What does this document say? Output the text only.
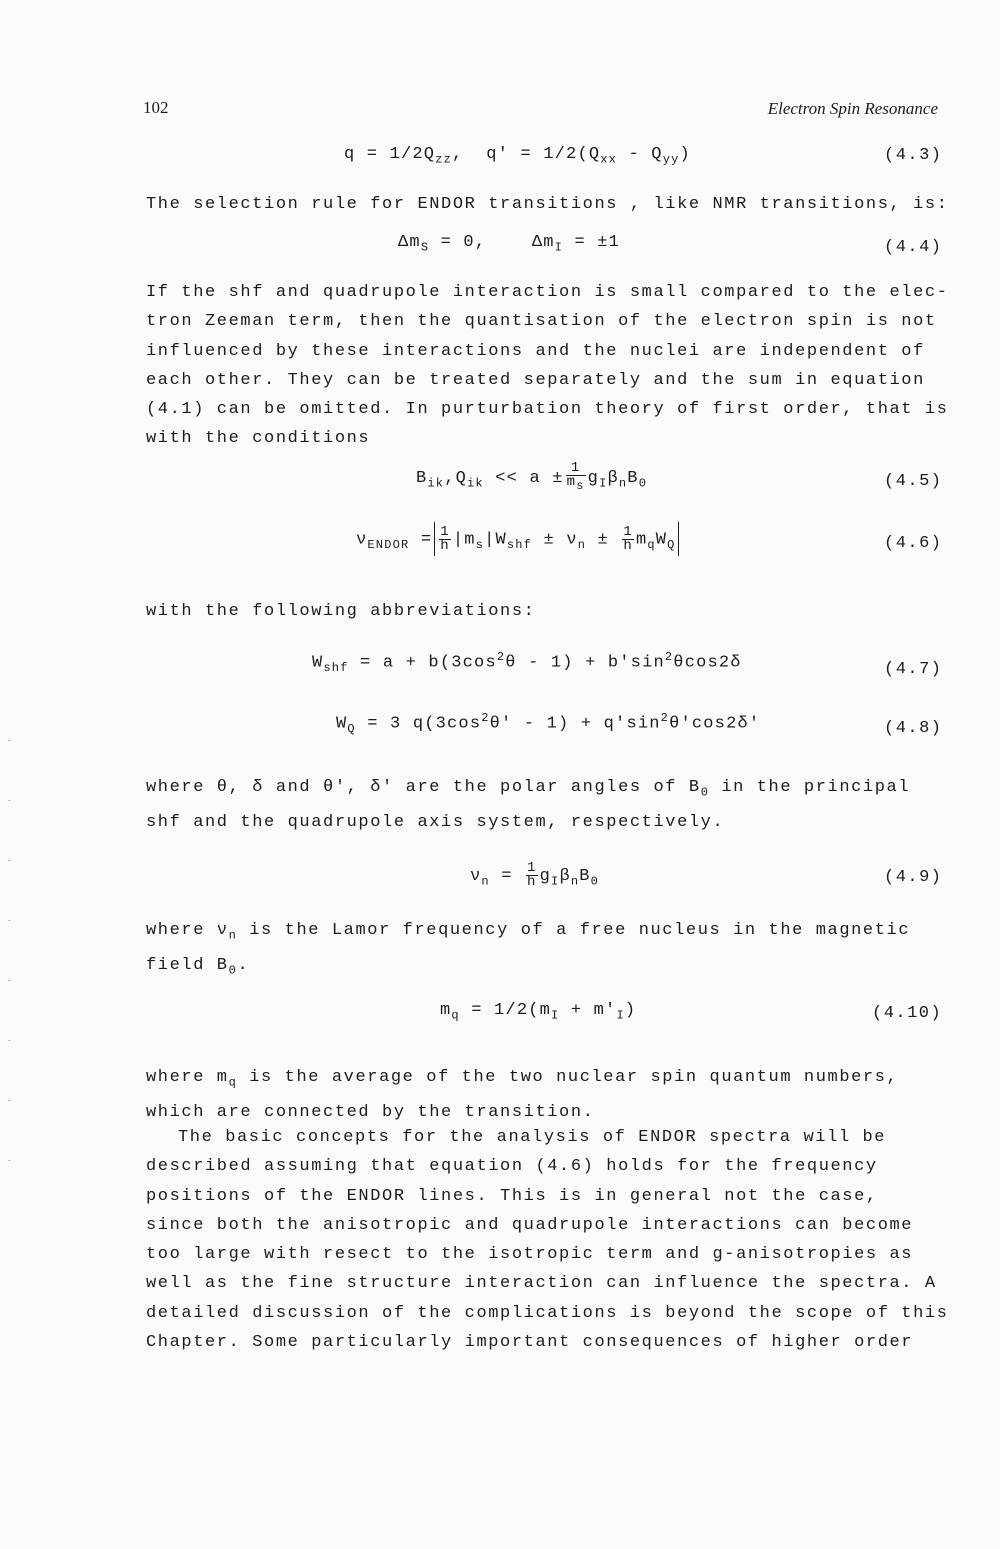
102	Electron Spin Resonance
$q = 1/2Q_{zz}$,  $q' = 1/2(Q_{xx} - Q_{yy})$	(4.3)
The selection rule for ENDOR transitions , like NMR transitions, is:
$\Delta m_S = 0$,    $\Delta m_I = \pm 1$	(4.4)
If the shf and quadrupole interaction is small compared to the elec-
tron Zeeman term, then the quantisation of the electron spin is not
influenced by these interactions and the nuclei are independent of
each other. They can be treated separately and the sum in equation
(4.1) can be omitted. In purturbation theory of first order, that is
with the conditions
$B_{ik},Q_{ik} << a \pm \frac{1}{m_s} g_I\beta_nB_0$	(4.5)
$\nu_{ENDOR} = \frac{1}{h} |m_s|W_{shf} \pm \nu_n \pm \frac{1}{h} m_qW_Q$	(4.6)
with the following abbreviations:
$W_{shf} = a + b(3\cos^2\theta - 1) + b'\sin^2\theta\cos 2\delta$	(4.7)
$W_Q = 3$ $q(3\cos^2\theta' - 1) + q'\sin^2\theta'\cos 2\delta'$	(4.8)
where θ, δ and θ', δ' are the polar angles of $B_0$ in the principal
shf and the quadrupole axis system, respectively.
$\nu_n = \frac{1}{h} g_I\beta_nB_0$	(4.9)
where $\nu_n$ is the Lamor frequency of a free nucleus in the magnetic
field $B_0$.
$m_q = 1/2(m_I + m'_I)$	(4.10)
where $m_q$ is the average of the two nuclear spin quantum numbers,
which are connected by the transition.
The basic concepts for the analysis of ENDOR spectra will be
described assuming that equation (4.6) holds for the frequency
positions of the ENDOR lines. This is in general not the case,
since both the anisotropic and quadrupole interactions can become
too large with resect to the isotropic term and g-anisotropies as
well as the fine structure interaction can influence the spectra. A
detailed discussion of the complications is beyond the scope of this
Chapter. Some particularly important consequences of higher order
